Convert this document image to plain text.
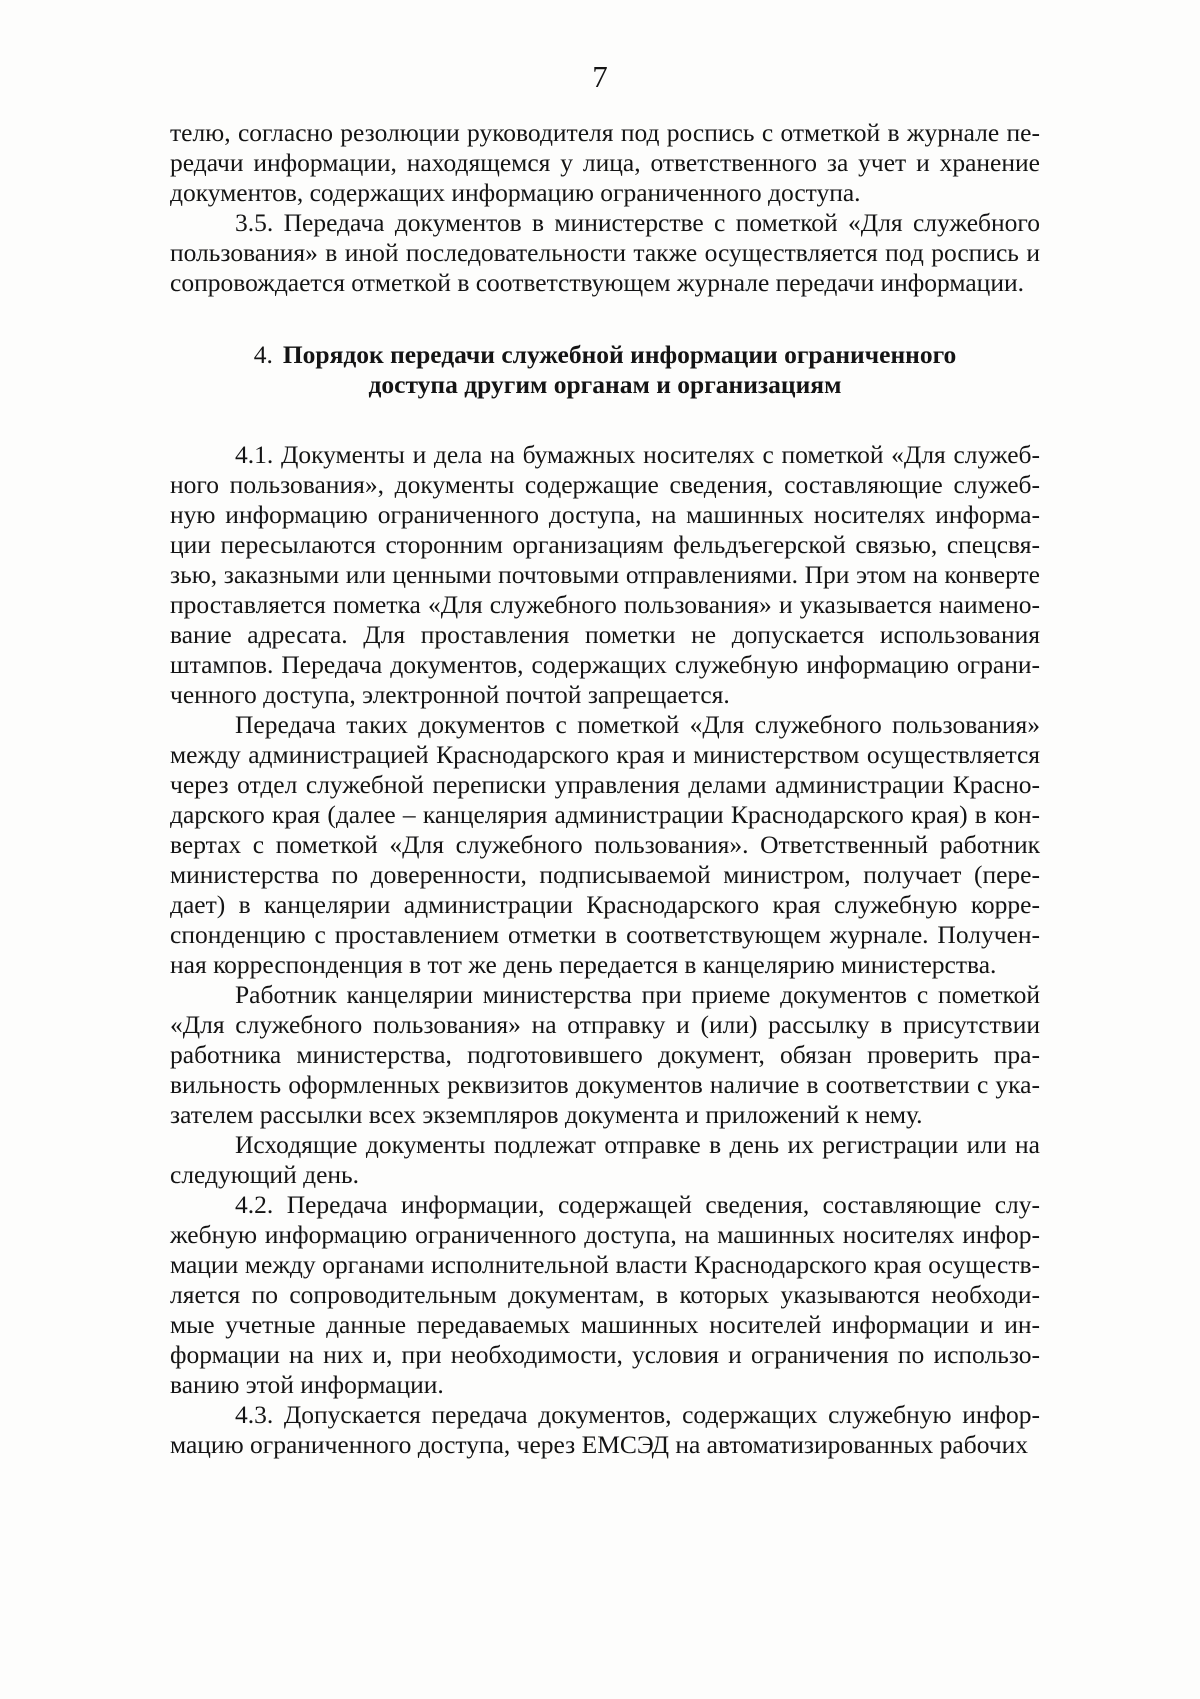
7

телю, согласно резолюции руководителя под роспись с отметкой в журнале пе-редачи информации, находящемся у лица, ответственного за учет и хранение документов, содержащих информацию ограниченного доступа.

3.5. Передача документов в министерстве с пометкой «Для служебного пользования» в иной последовательности также осуществляется под роспись и сопровождается отметкой в соответствующем журнале передачи информации.

4. Порядок передачи служебной информации ограниченного
доступа другим органам и организациям

4.1. Документы и дела на бумажных носителях с пометкой «Для служеб-ного пользования», документы содержащие сведения, составляющие служеб-ную информацию ограниченного доступа, на машинных носителях информа-ции пересылаются сторонним организациям фельдъегерской связью, спецсвя-зью, заказными или ценными почтовыми отправлениями. При этом на конверте проставляется пометка «Для служебного пользования» и указывается наимено-вание адресата. Для проставления пометки не допускается использования штампов. Передача документов, содержащих служебную информацию ограни-ченного доступа, электронной почтой запрещается.

Передача таких документов с пометкой «Для служебного пользования» между администрацией Краснодарского края и министерством осуществляется через отдел служебной переписки управления делами администрации Красно-дарского края (далее – канцелярия администрации Краснодарского края) в кон-вертах с пометкой «Для служебного пользования». Ответственный работник министерства по доверенности, подписываемой министром, получает (пере-дает) в канцелярии администрации Краснодарского края служебную корре-спонденцию с проставлением отметки в соответствующем журнале. Получен-ная корреспонденция в тот же день передается в канцелярию министерства.

Работник канцелярии министерства при приеме документов с пометкой «Для служебного пользования» на отправку и (или) рассылку в присутствии работника министерства, подготовившего документ, обязан проверить пра-вильность оформленных реквизитов документов наличие в соответствии с ука-зателем рассылки всех экземпляров документа и приложений к нему.

Исходящие документы подлежат отправке в день их регистрации или на следующий день.

4.2. Передача информации, содержащей сведения, составляющие слу-жебную информацию ограниченного доступа, на машинных носителях инфор-мации между органами исполнительной власти Краснодарского края осуществ-ляется по сопроводительным документам, в которых указываются необходи-мые учетные данные передаваемых машинных носителей информации и ин-формации на них и, при необходимости, условия и ограничения по использо-ванию этой информации.

4.3. Допускается передача документов, содержащих служебную инфор-мацию ограниченного доступа, через ЕМСЭД на автоматизированных рабочих
